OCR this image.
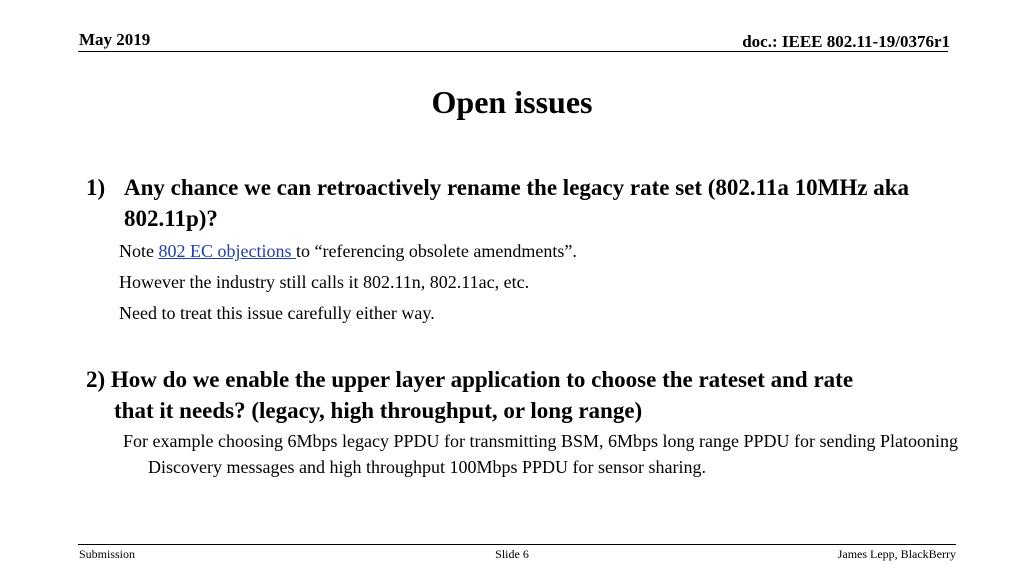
May 2019	doc.: IEEE 802.11-19/0376r1
Open issues
1) Any chance we can retroactively rename the legacy rate set (802.11a 10MHz aka 802.11p)?
Note 802 EC objections to “referencing obsolete amendments”.
However the industry still calls it 802.11n, 802.11ac, etc.
Need to treat this issue carefully either way.
2) How do we enable the upper layer application to choose the rateset and rate
that it needs? (legacy, high throughput, or long range)
For example choosing 6Mbps legacy PPDU for transmitting BSM, 6Mbps long range PPDU for sending Platooning Discovery messages and high throughput 100Mbps PPDU for sensor sharing.
Submission	Slide 6	James Lepp, BlackBerry
